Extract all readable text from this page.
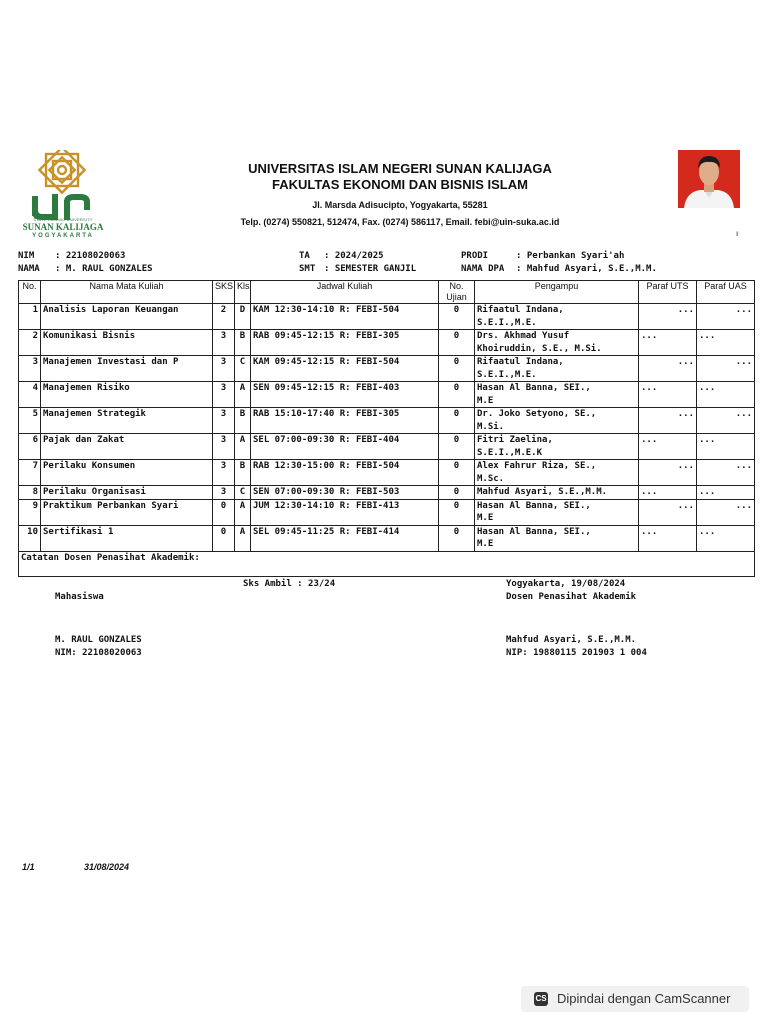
STATE ISLAMIC UNIVERSITY
SUNAN KALIJAGA
YOGYAKARTA
UNIVERSITAS ISLAM NEGERI SUNAN KALIJAGA
FAKULTAS EKONOMI DAN BISNIS ISLAM
Jl. Marsda Adisucipto, Yogyakarta, 55281
Telp. (0274) 550821, 512474, Fax. (0274) 586117, Email. febi@uin-suka.ac.id
ı
NIM : 22108020063
NAMA : M. RAUL GONZALES
TA : 2024/2025
SMT : SEMESTER GANJIL
PRODI	: Perbankan Syari'ah
NAMA DPA : Mahfud Asyari, S.E.,M.M.
No.	Nama Mata Kuliah	SKS	Kls	Jadwal Kuliah	No.
Ujian	Pengampu	Paraf UTS	Paraf UAS
1	Analisis Laporan Keuangan	2	D	KAM 12:30-14:10 R: FEBI-504	0	Rifaatul Indana,
S.E.I.,M.E.	...	...
2	Komunikasi Bisnis	3	B	RAB 09:45-12:15 R: FEBI-305	0	Drs. Akhmad Yusuf
Khoiruddin, S.E., M.Si.	...	...
3	Manajemen Investasi dan P	3	C	KAM 09:45-12:15 R: FEBI-504	0	Rifaatul Indana,
S.E.I.,M.E.	...	...
4	Manajemen Risiko	3	A	SEN 09:45-12:15 R: FEBI-403	0	Hasan Al Banna, SEI.,
M.E	...	...
5	Manajemen Strategik	3	B	RAB 15:10-17:40 R: FEBI-305	0	Dr. Joko Setyono, SE.,
M.Si.	...	...
6	Pajak dan Zakat	3	A	SEL 07:00-09:30 R: FEBI-404	0	Fitri Zaelina,
S.E.I.,M.E.K	...	...
7	Perilaku Konsumen	3	B	RAB 12:30-15:00 R: FEBI-504	0	Alex Fahrur Riza, SE.,
M.Sc.	...	...
8	Perilaku Organisasi	3	C	SEN 07:00-09:30 R: FEBI-503	0	Mahfud Asyari, S.E.,M.M.	...	...
9	Praktikum Perbankan Syari	0	A	JUM 12:30-14:10 R: FEBI-413	0	Hasan Al Banna, SEI.,
M.E	...	...
10	Sertifikasi 1	0	A	SEL 09:45-11:25 R: FEBI-414	0	Hasan Al Banna, SEI.,
M.E	...	...
Catatan Dosen Penasihat Akademik:								
Sks Ambil : 23/24
Mahasiswa
M. RAUL GONZALES
NIM: 22108020063
Yogyakarta, 19/08/2024
Dosen Penasihat Akademik
Mahfud Asyari, S.E.,M.M.
NIP: 19880115 201903 1 004
1/1	31/08/2024
CS Dipindai dengan CamScanner
